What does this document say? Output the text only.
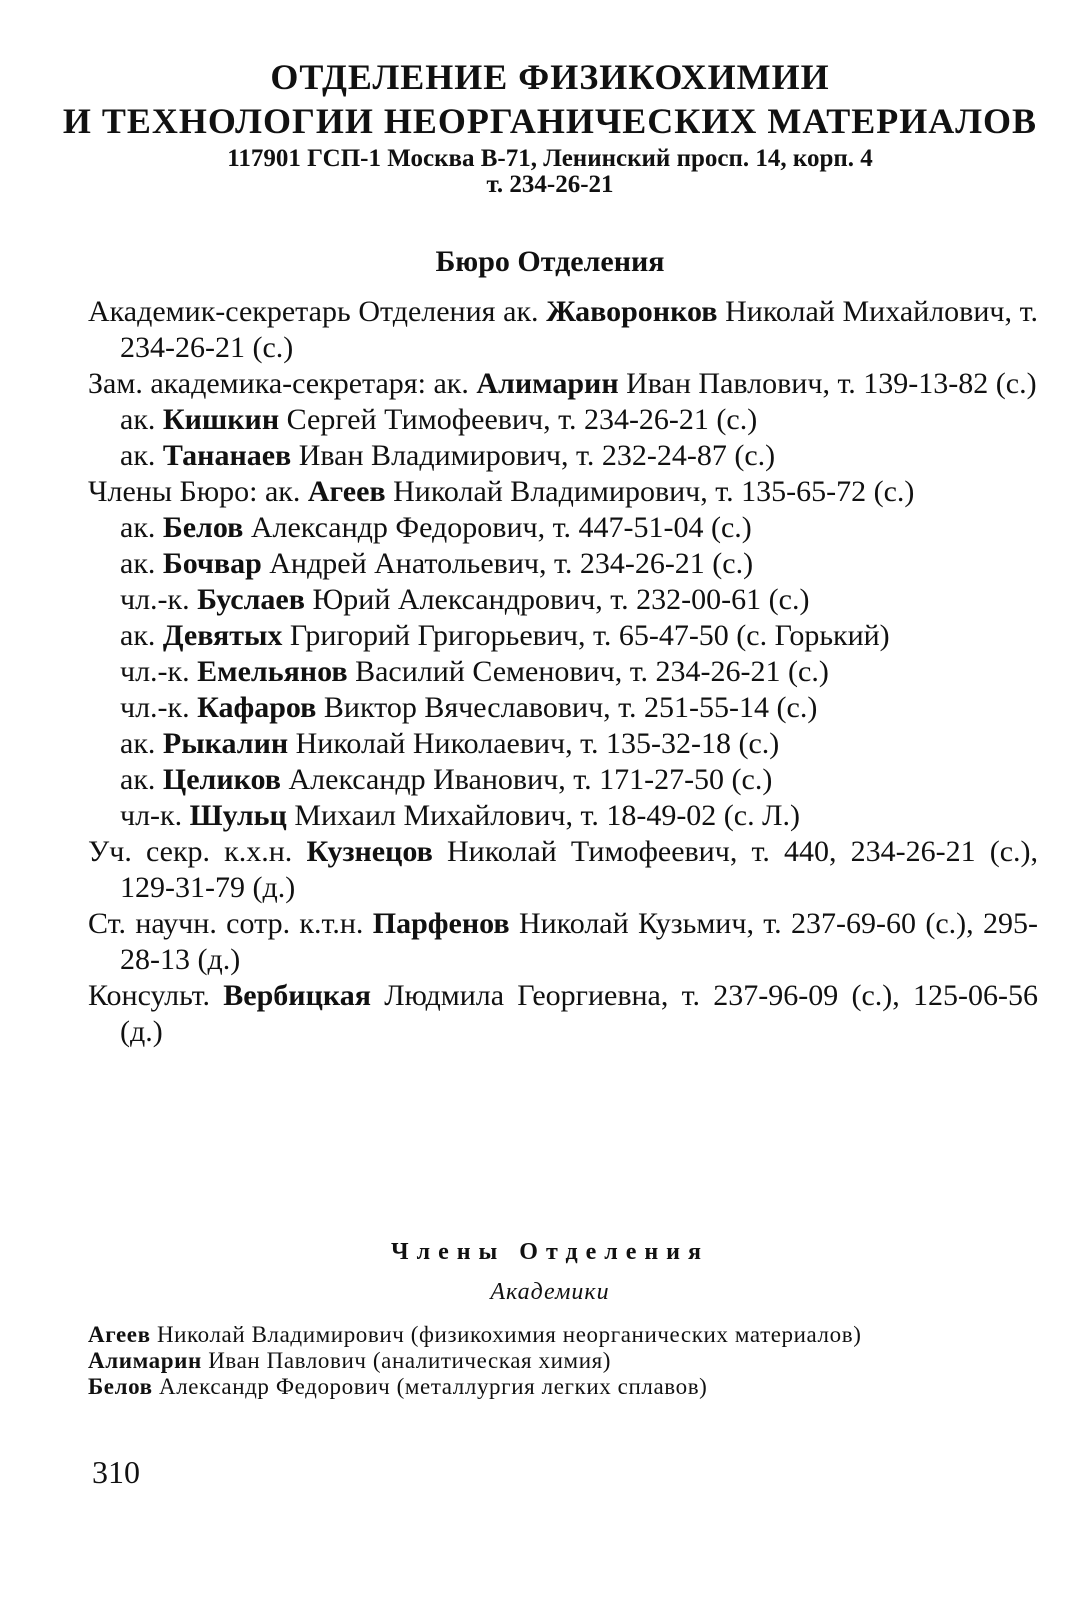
ОТДЕЛЕНИЕ ФИЗИКОХИМИИ
И ТЕХНОЛОГИИ НЕОРГАНИЧЕСКИХ МАТЕРИАЛОВ
117901 ГСП-1 Москва В-71, Ленинский просп. 14, корп. 4
т. 234-26-21
Бюро Отделения
Академик-секретарь Отделения ак. Жаворонков Николай Михайлович, т. 234-26-21 (с.)
Зам. академика-секретаря: ак. Алимарин Иван Павлович, т. 139-13-82 (с.)
ак. Кишкин Сергей Тимофеевич, т. 234-26-21 (с.)
ак. Тананаев Иван Владимирович, т. 232-24-87 (с.)
Члены Бюро: ак. Агеев Николай Владимирович, т. 135-65-72 (с.)
ак. Белов Александр Федорович, т. 447-51-04 (с.)
ак. Бочвар Андрей Анатольевич, т. 234-26-21 (с.)
чл.-к. Буслаев Юрий Александрович, т. 232-00-61 (с.)
ак. Девятых Григорий Григорьевич, т. 65-47-50 (с. Горький)
чл.-к. Емельянов Василий Семенович, т. 234-26-21 (с.)
чл.-к. Кафаров Виктор Вячеславович, т. 251-55-14 (с.)
ак. Рыкалин Николай Николаевич, т. 135-32-18 (с.)
ак. Целиков Александр Иванович, т. 171-27-50 (с.)
чл-к. Шульц Михаил Михайлович, т. 18-49-02 (с. Л.)
Уч. секр. к.х.н. Кузнецов Николай Тимофеевич, т. 440, 234-26-21 (с.), 129-31-79 (д.)
Ст. научн. сотр. к.т.н. Парфенов Николай Кузьмич, т. 237-69-60 (с.), 295-28-13 (д.)
Консульт. Вербицкая Людмила Георгиевна, т. 237-96-09 (с.), 125-06-56 (д.)
Члены Отделения
Академики
Агеев Николай Владимирович (физикохимия неорганических материалов)
Алимарин Иван Павлович (аналитическая химия)
Белов Александр Федорович (металлургия легких сплавов)
310
